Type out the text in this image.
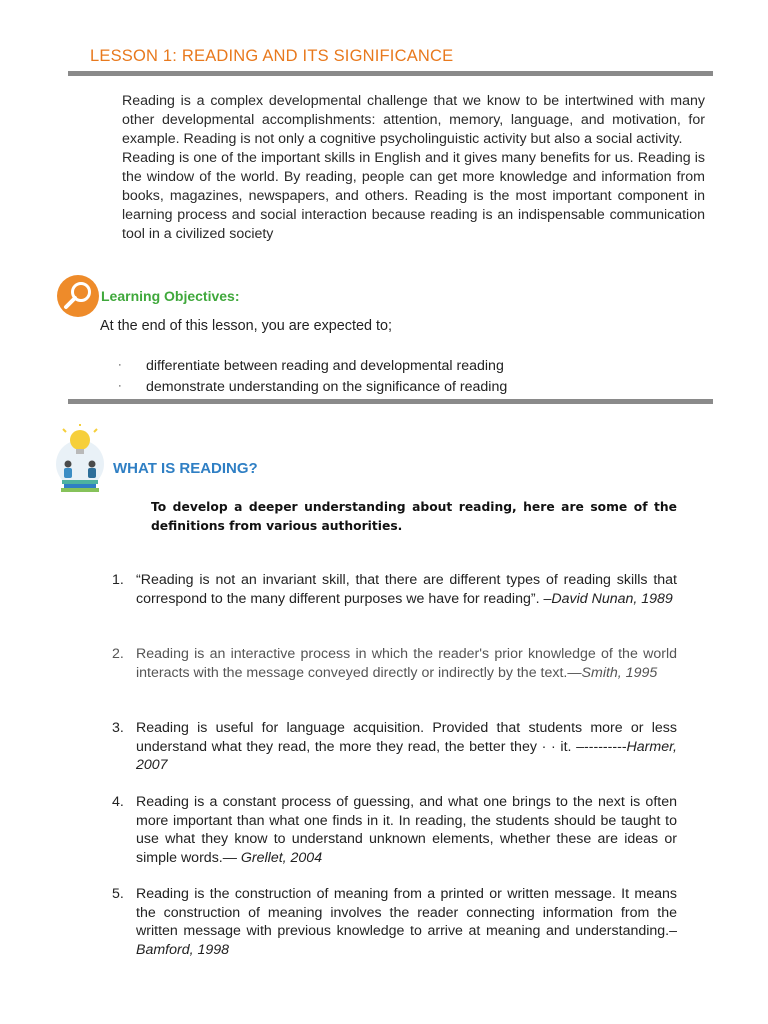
LESSON 1: READING AND ITS SIGNIFICANCE
Reading is a complex developmental challenge that we know to be intertwined with many other developmental accomplishments: attention, memory, language, and motivation, for example. Reading is not only a cognitive psycholinguistic activity but also a social activity.
Reading is one of the important skills in English and it gives many benefits for us. Reading is the window of the world. By reading, people can get more knowledge and information from books, magazines, newspapers, and others. Reading is the most important component in learning process and social interaction because reading is an indispensable communication tool in a civilized society
Learning Objectives:
At the end of this lesson, you are expected to;
· differentiate between reading and developmental reading
· demonstrate understanding on the significance of reading
WHAT IS READING?
To develop a deeper understanding about reading, here are some of the definitions from various authorities.
1. “Reading is not an invariant skill, that there are different types of reading skills that correspond to the many different purposes we have for reading”. –David Nunan, 1989
2. Reading is an interactive process in which the reader's prior knowledge of the world interacts with the message conveyed directly or indirectly by the text.—Smith, 1995
3. Reading is useful for language acquisition. Provided that students more or less understand what they read, the more they read, the better they · · it. –---------Harmer, 2007
4. Reading is a constant process of guessing, and what one brings to the next is often more important than what one finds in it. In reading, the students should be taught to use what they know to understand unknown elements, whether these are ideas or simple words.— Grellet, 2004
5. Reading is the construction of meaning from a printed or written message. It means the construction of meaning involves the reader connecting information from the written message with previous knowledge to arrive at meaning and understanding.–Bamford, 1998
